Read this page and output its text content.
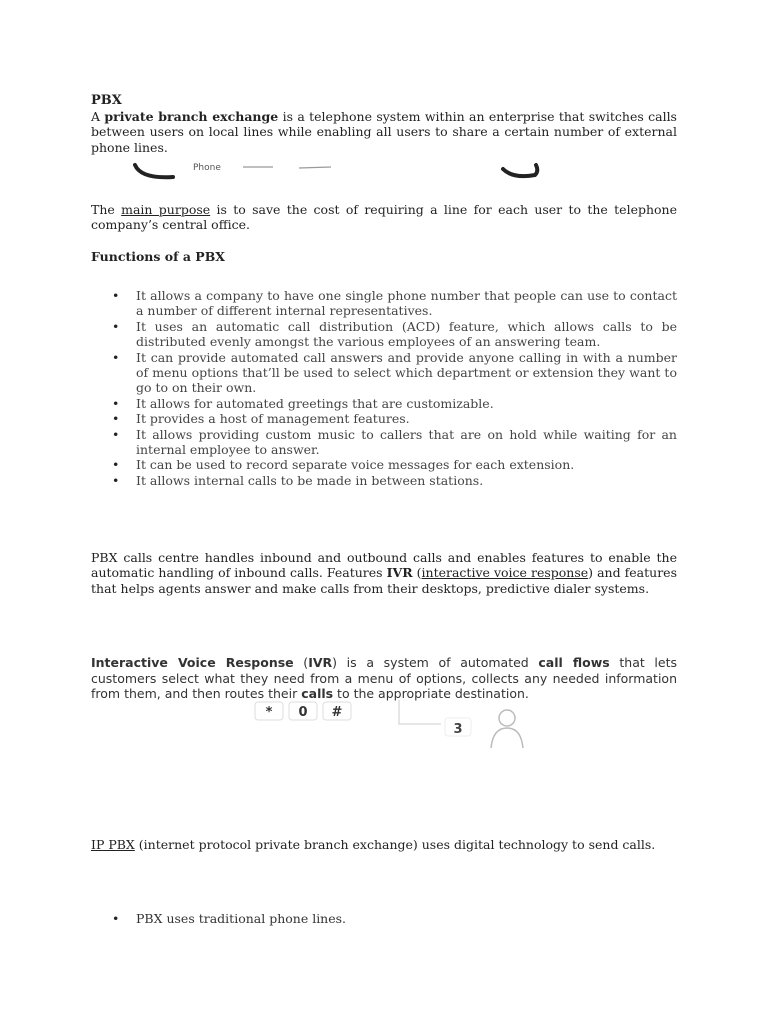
PBX

A private branch exchange is a telephone system within an enterprise that switches calls between users on local lines while enabling all users to share a certain number of external phone lines.

Phone

The main purpose is to save the cost of requiring a line for each user to the telephone company’s central office.

Functions of a PBX

• It allows a company to have one single phone number that people can use to contact a number of different internal representatives.
• It uses an automatic call distribution (ACD) feature, which allows calls to be distributed evenly amongst the various employees of an answering team.
• It can provide automated call answers and provide anyone calling in with a number of menu options that’ll be used to select which department or extension they want to go to on their own.
• It allows for automated greetings that are customizable.
• It provides a host of management features.
• It allows providing custom music to callers that are on hold while waiting for an internal employee to answer.
• It can be used to record separate voice messages for each extension.
• It allows internal calls to be made in between stations.

PBX calls centre handles inbound and outbound calls and enables features to enable the automatic handling of inbound calls. Features IVR (interactive voice response) and features that helps agents answer and make calls from their desktops, predictive dialer systems.

Interactive Voice Response (IVR) is a system of automated call flows that lets customers select what they need from a menu of options, collects any needed information from them, and then routes their calls to the appropriate destination.

* 0 #
3

IP PBX (internet protocol private branch exchange) uses digital technology to send calls.

• PBX uses traditional phone lines.
